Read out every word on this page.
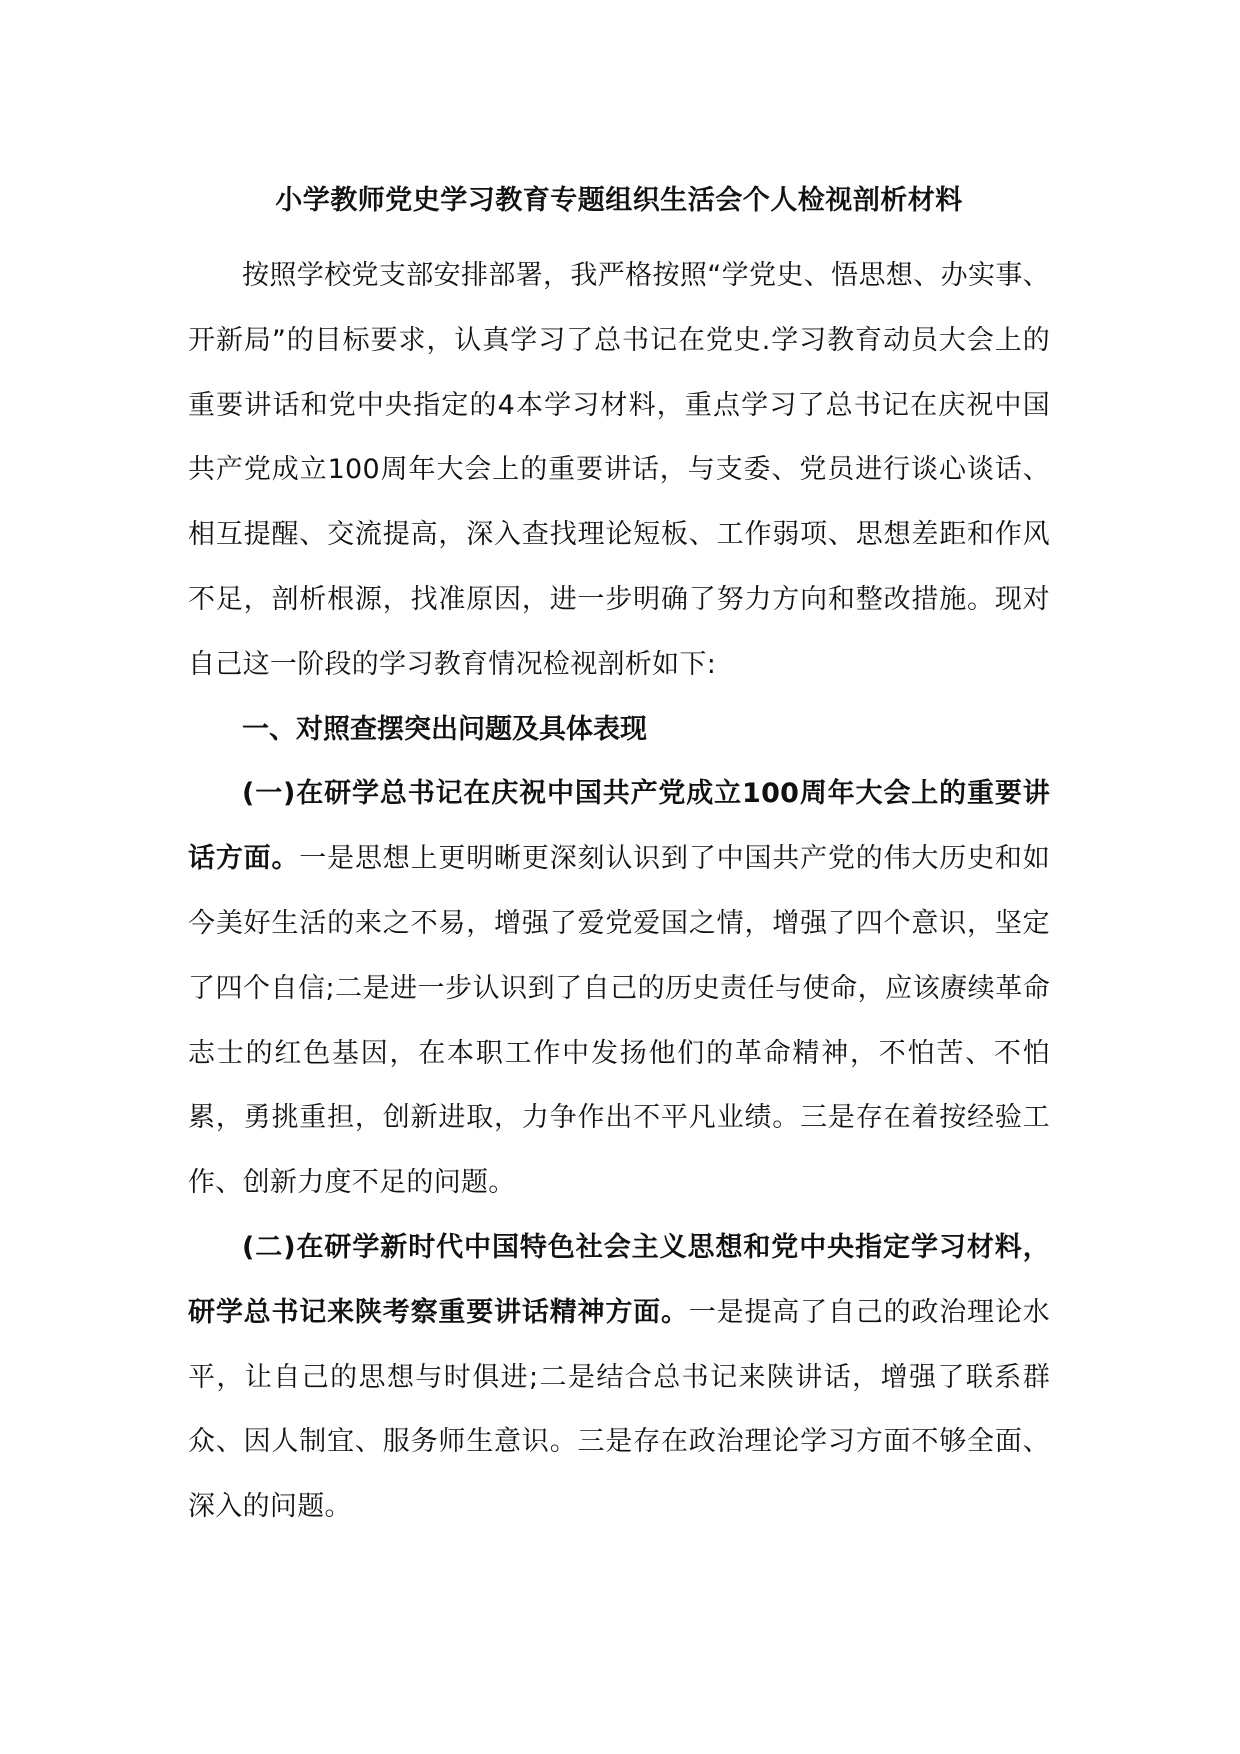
小学教师党史学习教育专题组织生活会个人检视剖析材料

按照学校党支部安排部署，我严格按照“学党史、悟思想、办实事、开新局”的目标要求，认真学习了总书记在党史.学习教育动员大会上的重要讲话和党中央指定的4本学习材料，重点学习了总书记在庆祝中国共产党成立100周年大会上的重要讲话，与支委、党员进行谈心谈话、相互提醒、交流提高，深入查找理论短板、工作弱项、思想差距和作风不足，剖析根源，找准原因，进一步明确了努力方向和整改措施。现对自己这一阶段的学习教育情况检视剖析如下:

一、对照查摆突出问题及具体表现

(一)在研学总书记在庆祝中国共产党成立100周年大会上的重要讲话方面。一是思想上更明晰更深刻认识到了中国共产党的伟大历史和如今美好生活的来之不易，增强了爱党爱国之情，增强了四个意识，坚定了四个自信;二是进一步认识到了自己的历史责任与使命，应该赓续革命志士的红色基因，在本职工作中发扬他们的革命精神，不怕苦、不怕累，勇挑重担，创新进取，力争作出不平凡业绩。三是存在着按经验工作、创新力度不足的问题。

(二)在研学新时代中国特色社会主义思想和党中央指定学习材料，研学总书记来陕考察重要讲话精神方面。一是提高了自己的政治理论水平，让自己的思想与时俱进;二是结合总书记来陕讲话，增强了联系群众、因人制宜、服务师生意识。三是存在政治理论学习方面不够全面、深入的问题。
